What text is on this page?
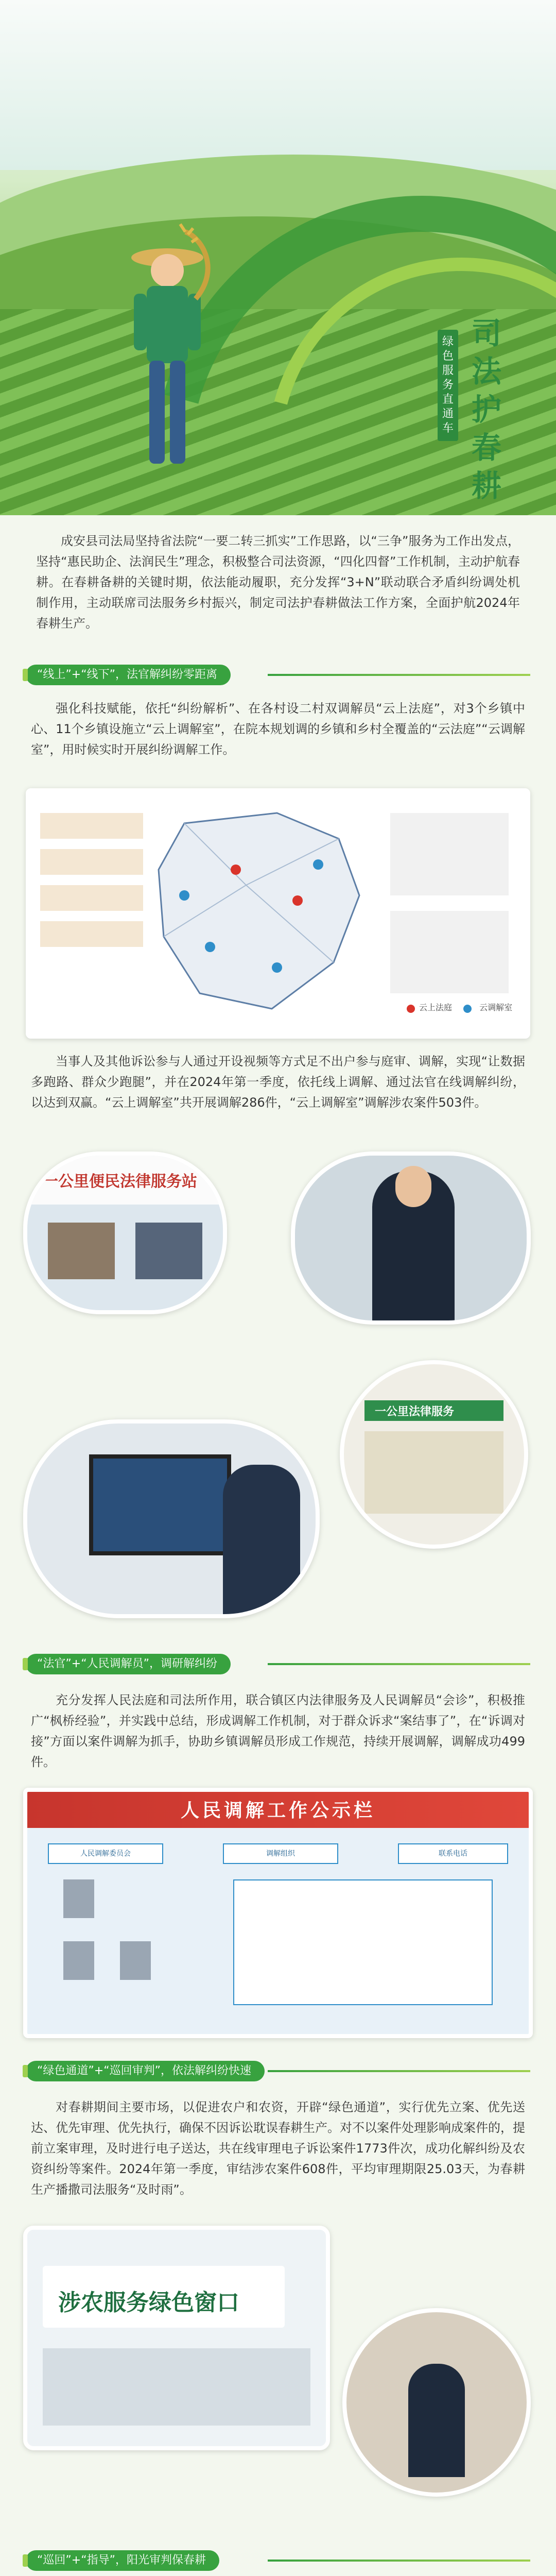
绿
色
服
务
直
通
车
司
法
护
春
耕
成安县司法局坚持省法院“一要二转三抓实”工作思路，以“三争”服务为工作出发点，坚持“惠民助企、法润民生”理念，积极整合司法资源，“四化四督”工作机制，主动护航春耕。在春耕备耕的关键时期，依法能动履职，充分发挥“3+N”联动联合矛盾纠纷调处机制作用，主动联席司法服务乡村振兴，制定司法护春耕做法工作方案，全面护航2024年春耕生产。
“线上”+“线下”，法官解纠纷零距离
强化科技赋能，依托“纠纷解析”、在各村设二村双调解员“云上法庭”，对3个乡镇中心、11个乡镇设施立“云上调解室”，在院本规划调的乡镇和乡村全覆盖的“云法庭”“云调解室”，用时候实时开展纠纷调解工作。
云上法庭	云调解室
当事人及其他诉讼参与人通过开设视频等方式足不出户参与庭审、调解，实现“让数据多跑路、群众少跑腿”，并在2024年第一季度，依托线上调解、通过法官在线调解纠纷，以达到双赢。“云上调解室”共开展调解286件，“云上调解室”调解涉农案件503件。
一公里便民法律服务站
一公里法律服务
“法官”+“人民调解员”，调研解纠纷
充分发挥人民法庭和司法所作用，联合镇区内法律服务及人民调解员“会诊”，积极推广“枫桥经验”，并实践中总结，形成调解工作机制，对于群众诉求“案结事了”，在“诉调对接”方面以案件调解为抓手，协助乡镇调解员形成工作规范，持续开展调解，调解成功499件。
人民调解工作公示栏
人民调解委员会	调解组织	联系电话
“绿色通道”+“巡回审判”，依法解纠纷快速
对春耕期间主要市场，以促进农户和农资，开辟“绿色通道”，实行优先立案、优先送达、优先审理、优先执行，确保不因诉讼耽误春耕生产。对不以案件处理影响成案件的，提前立案审理，及时进行电子送达，共在线审理电子诉讼案件1773件次，成功化解纠纷及农资纠纷等案件。2024年第一季度，审结涉农案件608件，平均审理期限25.03天，为春耕生产播撒司法服务“及时雨”。
涉农服务绿色窗口
“巡回”+“指导”，阳光审判保春耕
